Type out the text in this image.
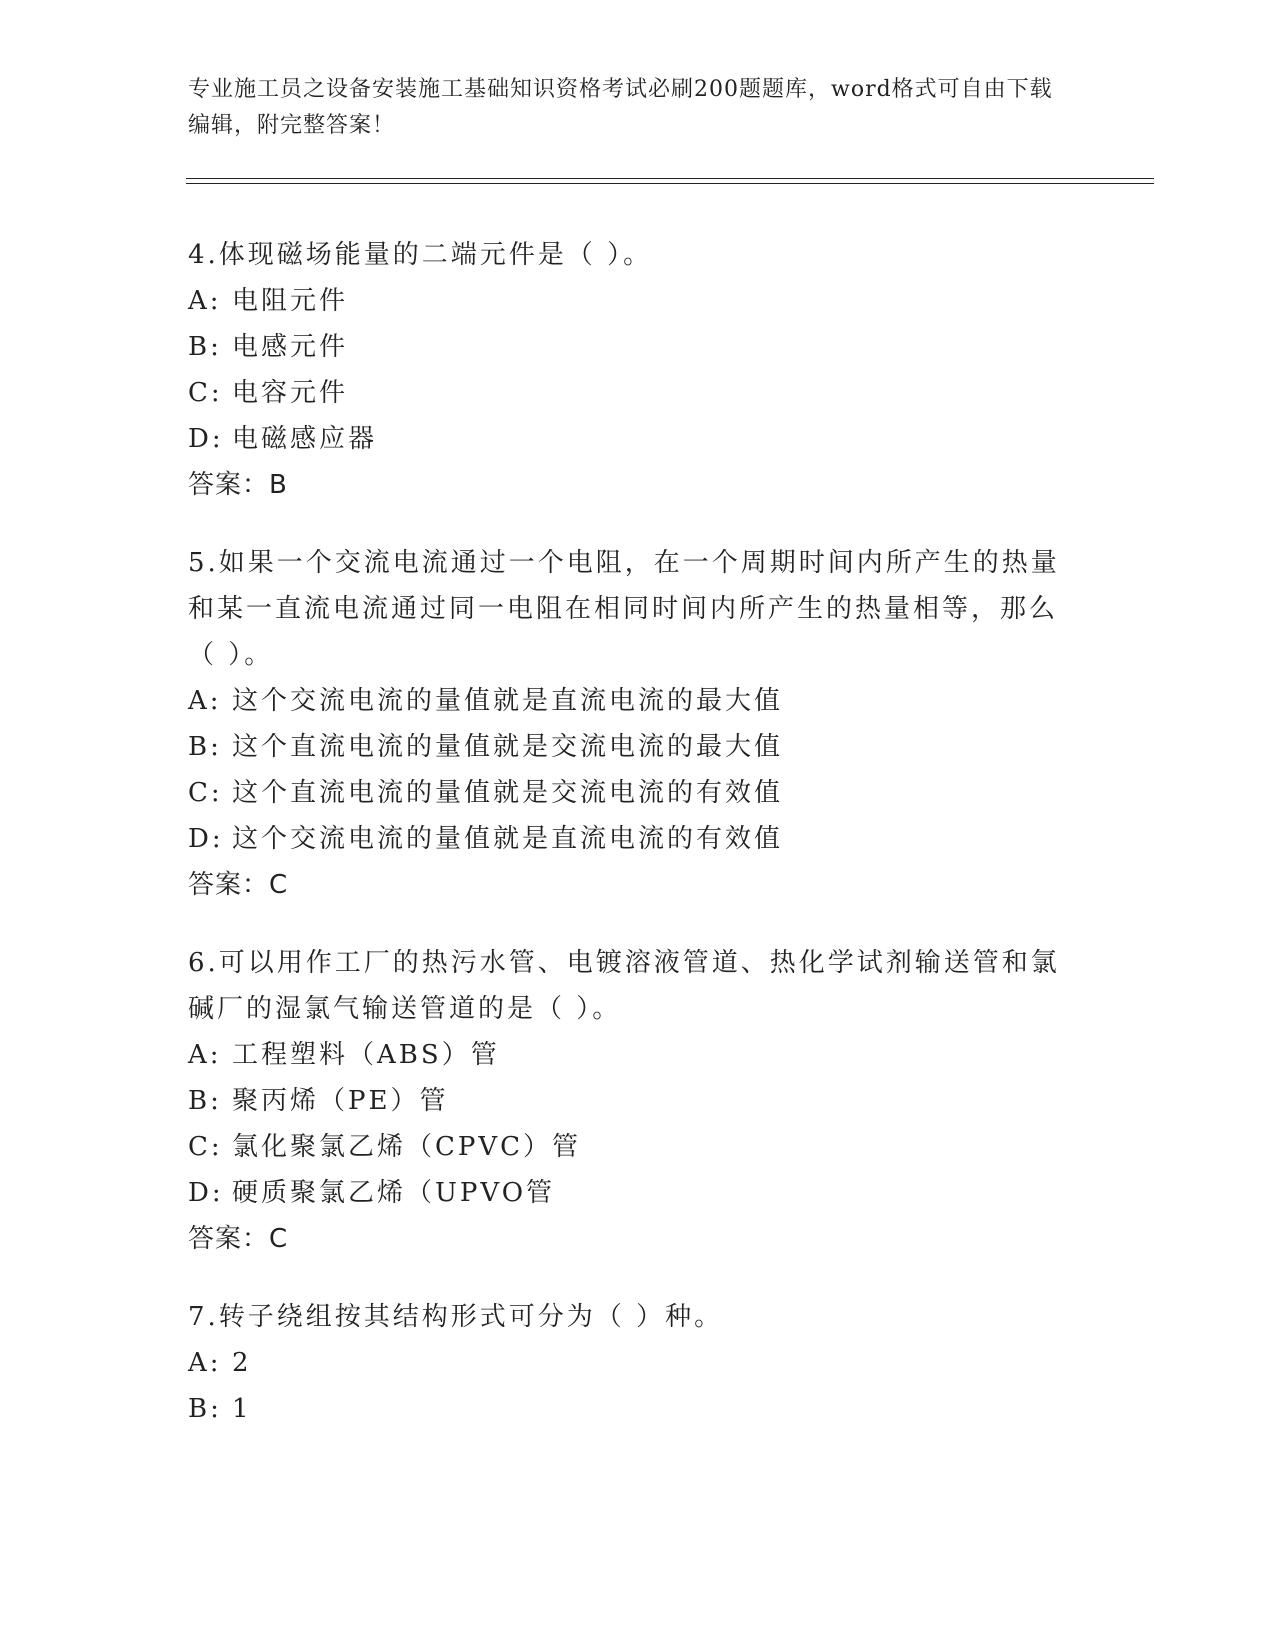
专业施工员之设备安装施工基础知识资格考试必刷200题题库，word格式可自由下载编辑，附完整答案！

4.体现磁场能量的二端元件是（ ）。

A: 电阻元件

B: 电感元件

C: 电容元件

D: 电磁感应器

答案：B

5.如果一个交流电流通过一个电阻，在一个周期时间内所产生的热量和某一直流电流通过同一电阻在相同时间内所产生的热量相等，那么（ ）。

A: 这个交流电流的量值就是直流电流的最大值

B: 这个直流电流的量值就是交流电流的最大值

C: 这个直流电流的量值就是交流电流的有效值

D: 这个交流电流的量值就是直流电流的有效值

答案：C

6.可以用作工厂的热污水管、电镀溶液管道、热化学试剂输送管和氯碱厂的湿氯气输送管道的是（ ）。

A: 工程塑料（ABS）管

B: 聚丙烯（PE）管

C: 氯化聚氯乙烯（CPVC）管

D: 硬质聚氯乙烯（UPVO管

答案：C

7.转子绕组按其结构形式可分为（ ）种。

A: 2

B: 1
